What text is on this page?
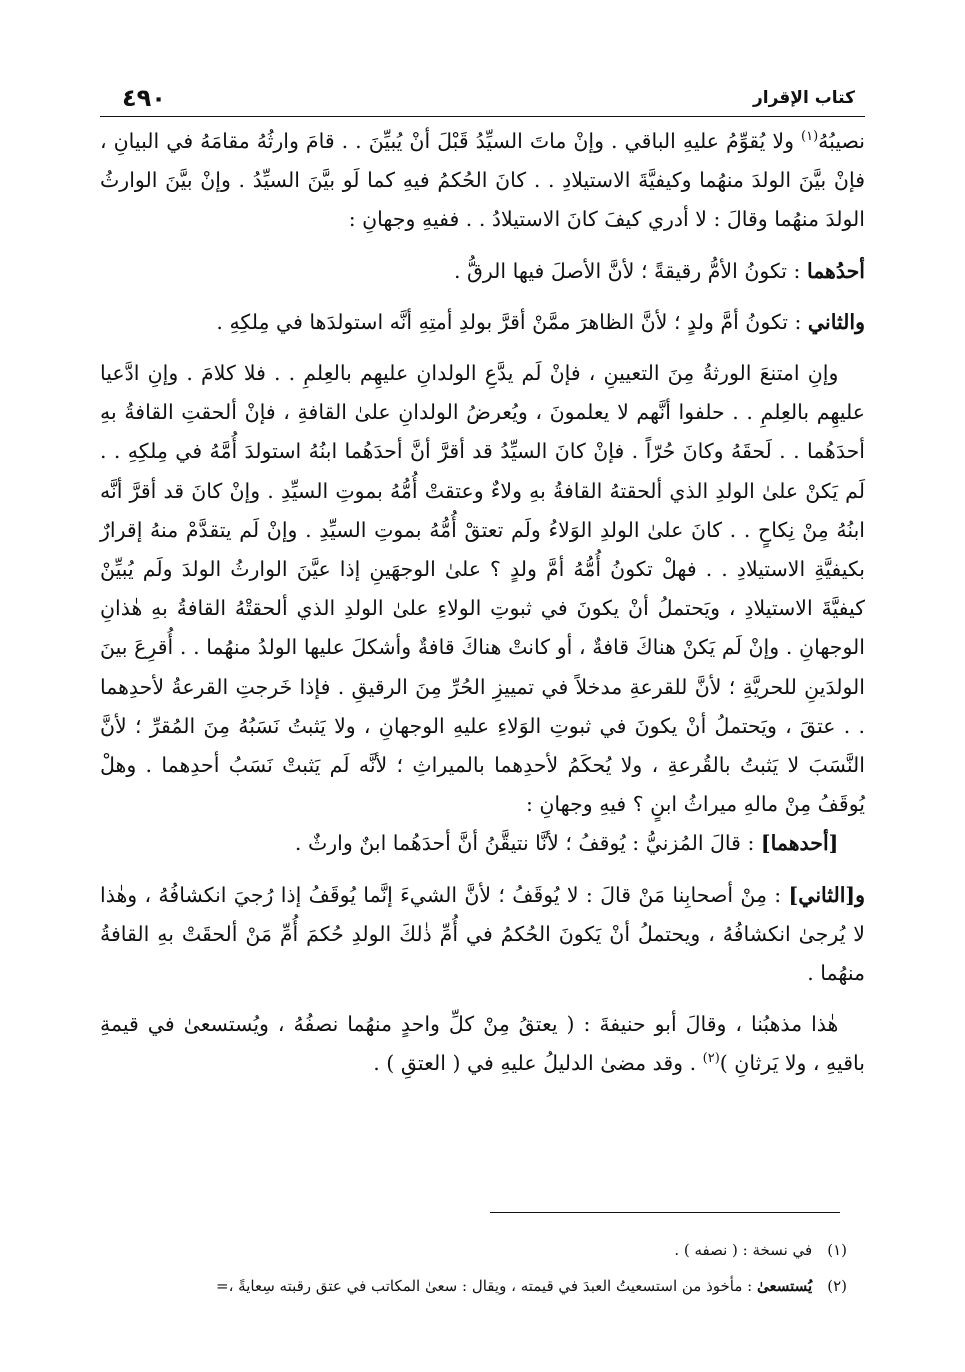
كتاب الإقرار
٤٩٠

نصيبُهُ$^{(١)}$ ولا يُقوِّمُ عليهِ الباقي . وإنْ ماتَ السيِّدُ قَبْلَ أنْ يُبيِّنَ . . قامَ وارثُهُ مقامَهُ في البيانِ ، فإنْ بيَّنَ الولدَ منهُما وكيفيَّةَ الاستيلادِ . . كانَ الحُكمُ فيهِ كما لَو بيَّنَ السيِّدُ . وإنْ بيَّنَ الوارثُ الولدَ منهُما وقالَ : لا أدري كيفَ كانَ الاستيلادُ . . ففيهِ وجهانِ :

أحدُهما : تكونُ الأمُّ رقيقةً ؛ لأنَّ الأصلَ فيها الرقُّ .

والثاني : تكونُ أمَّ ولدٍ ؛ لأنَّ الظاهرَ ممَّنْ أقرَّ بولدِ أمتِهِ أنَّه استولدَها في مِلكِهِ .

وإنِ امتنعَ الورثةُ مِنَ التعيينِ ، فإنْ لَم يدَّعِ الولدانِ عليهِم بالعِلمِ . . فلا كلامَ . وإنِ ادَّعيا عليهِم بالعِلمِ . . حلفوا أنَّهم لا يعلمونَ ، ويُعرضُ الولدانِ علىٰ القافةِ ، فإنْ ألحقتِ القافةُ بهِ أحدَهُما . . لَحقَهُ وكانَ حُرّاً . فإنْ كانَ السيِّدُ قد أقرَّ أنَّ أحدَهُما ابنُهُ استولدَ أُمَّهُ في مِلكِهِ . . لَم يَكنْ علىٰ الولدِ الذي ألحقتهُ القافةُ بهِ ولاءٌ وعتقتْ أُمُّهُ بموتِ السيِّدِ . وإنْ كانَ قد أقرَّ أنَّه ابنُهُ مِنْ نِكاحٍ . . كانَ علىٰ الولدِ الوَلاءُ ولَم تعتقْ أُمُّهُ بموتِ السيِّدِ . وإنْ لَم يتقدَّمْ منهُ إقرارٌ بكيفيَّةِ الاستيلادِ . . فهلْ تكونُ أُمُّهُ أمَّ ولدٍ ؟ علىٰ الوجهَينِ إذا عيَّنَ الوارثُ الولدَ ولَم يُبيِّنْ كيفيَّةَ الاستيلادِ ، ويَحتملُ أنْ يكونَ في ثبوتِ الولاءِ علىٰ الولدِ الذي ألحقتْهُ القافةُ بهِ هٰذانِ الوجهانِ . وإنْ لَم يَكنْ هناكَ قافةٌ ، أو كانتْ هناكَ قافةٌ وأشكلَ عليها الولدُ منهُما . . أُقرِعَ بينَ الولدَينِ للحريَّةِ ؛ لأنَّ للقرعةِ مدخلاً في تمييزِ الحُرِّ مِنَ الرقيقِ . فإذا خَرجتِ القرعةُ لأحدِهما . . عتقَ ، ويَحتملُ أنْ يكونَ في ثبوتِ الوَلاءِ عليهِ الوجهانِ ، ولا يَثبتُ نَسَبُهُ مِنَ المُقرِّ ؛ لأنَّ النَّسَبَ لا يَثبتُ بالقُرعةِ ، ولا يُحكَمُ لأحدِهما بالميراثِ ؛ لأنَّه لَم يَثبتْ نَسَبُ أحدِهما . وهلْ يُوقَفُ مِنْ مالهِ ميراثُ ابنٍ ؟ فيهِ وجهانِ :

[أحدهما] : قالَ المُزنيُّ : يُوقفُ ؛ لأنَّا نتيقَّنُ أنَّ أحدَهُما ابنٌ وارثٌ .

و[الثاني] : مِنْ أصحابِنا مَنْ قالَ : لا يُوقَفُ ؛ لأنَّ الشيءَ إنَّما يُوقَفُ إذا رُجيَ انكشافُهُ ، وهٰذا لا يُرجىٰ انكشافُهُ ، ويحتملُ أنْ يَكونَ الحُكمُ في أُمِّ ذٰلكَ الولدِ حُكمَ أُمِّ مَنْ ألحقَتْ بهِ القافةُ منهُما .

هٰذا مذهبُنا ، وقالَ أبو حنيفةَ : ( يعتقُ مِنْ كلِّ واحدٍ منهُما نصفُهُ ، ويُستسعىٰ في قيمةِ باقيهِ ، ولا يَرثانِ )$^{(٢)}$ . وقد مضىٰ الدليلُ عليهِ في ( العتقِ ) .

(١) في نسخة : ( نصفه ) .

(٢) يُستسعىٰ : مأخوذ من استسعيتُ العبدَ في قيمته ، ويقال : سعىٰ المكاتب في عتق رقبته سِعايةً ،=
